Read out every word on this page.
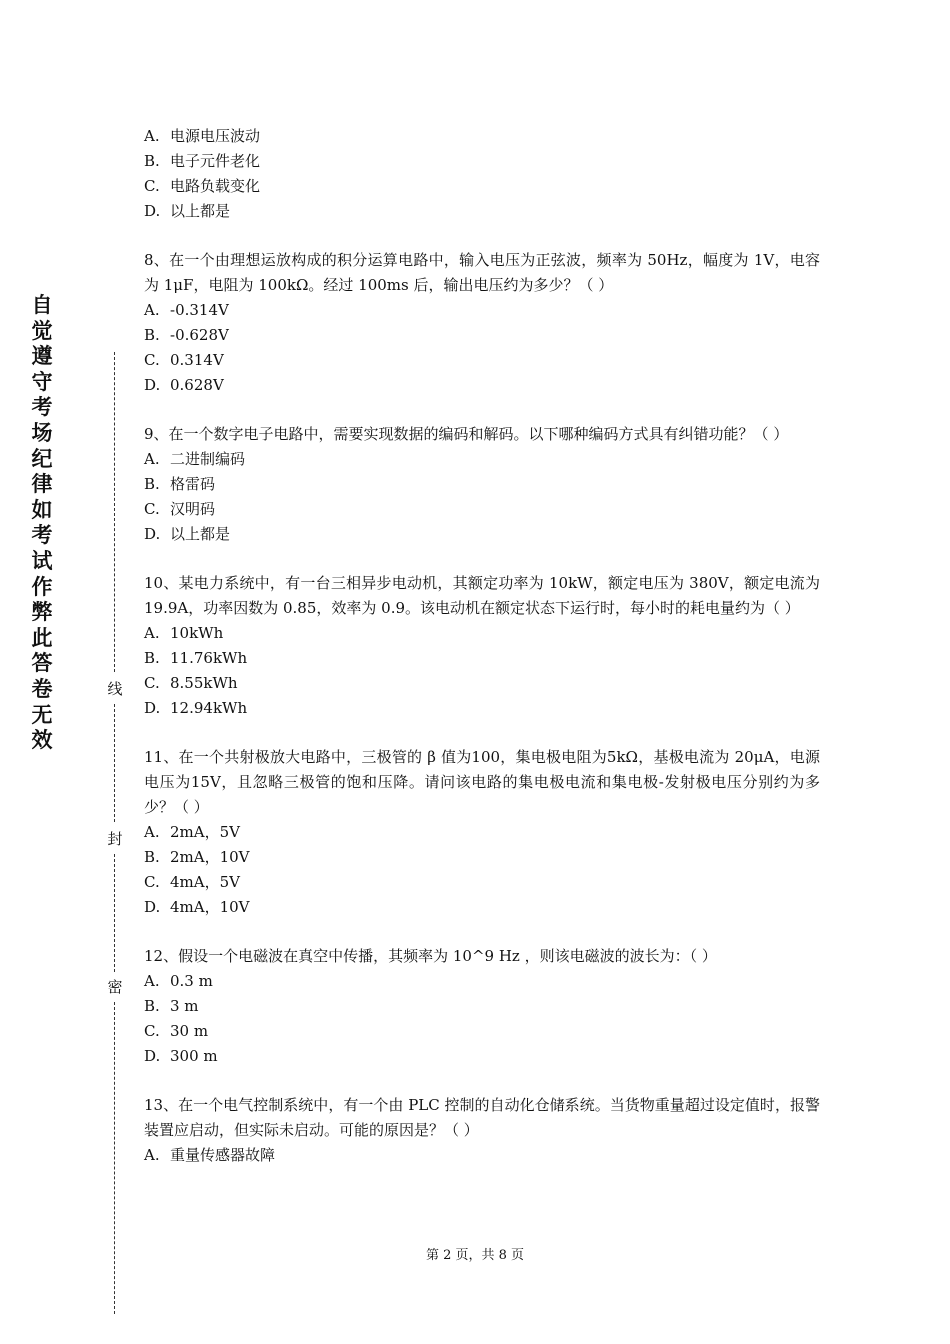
自觉遵守考场纪律如考试作弊此答卷无效
线
封
密

A. 电源电压波动

B. 电子元件老化

C. 电路负载变化

D. 以上都是

8、在一个由理想运放构成的积分运算电路中，输入电压为正弦波，频率为 50Hz，幅度为 1V，电容为 1μF，电阻为 100kΩ。经过 100ms 后，输出电压约为多少？（ ）

A. -0.314V

B. -0.628V

C. 0.314V

D. 0.628V

9、在一个数字电子电路中，需要实现数据的编码和解码。以下哪种编码方式具有纠错功能？（ ）

A. 二进制编码

B. 格雷码

C. 汉明码

D. 以上都是

10、某电力系统中，有一台三相异步电动机，其额定功率为 10kW，额定电压为 380V，额定电流为 19.9A，功率因数为 0.85，效率为 0.9。该电动机在额定状态下运行时，每小时的耗电量约为（ ）

A. 10kWh

B. 11.76kWh

C. 8.55kWh

D. 12.94kWh

11、在一个共射极放大电路中，三极管的 β 值为100，集电极电阻为5kΩ，基极电流为 20μA，电源电压为15V，且忽略三极管的饱和压降。请问该电路的集电极电流和集电极-发射极电压分别约为多少？（ ）

A. 2mA，5V

B. 2mA，10V

C. 4mA，5V

D. 4mA，10V

12、假设一个电磁波在真空中传播，其频率为 10^9 Hz ，则该电磁波的波长为：（ ）

A. 0.3 m

B. 3 m

C. 30 m

D. 300 m

13、在一个电气控制系统中，有一个由 PLC 控制的自动化仓储系统。当货物重量超过设定值时，报警装置应启动，但实际未启动。可能的原因是？（ ）

A. 重量传感器故障

第 2 页，共 8 页
